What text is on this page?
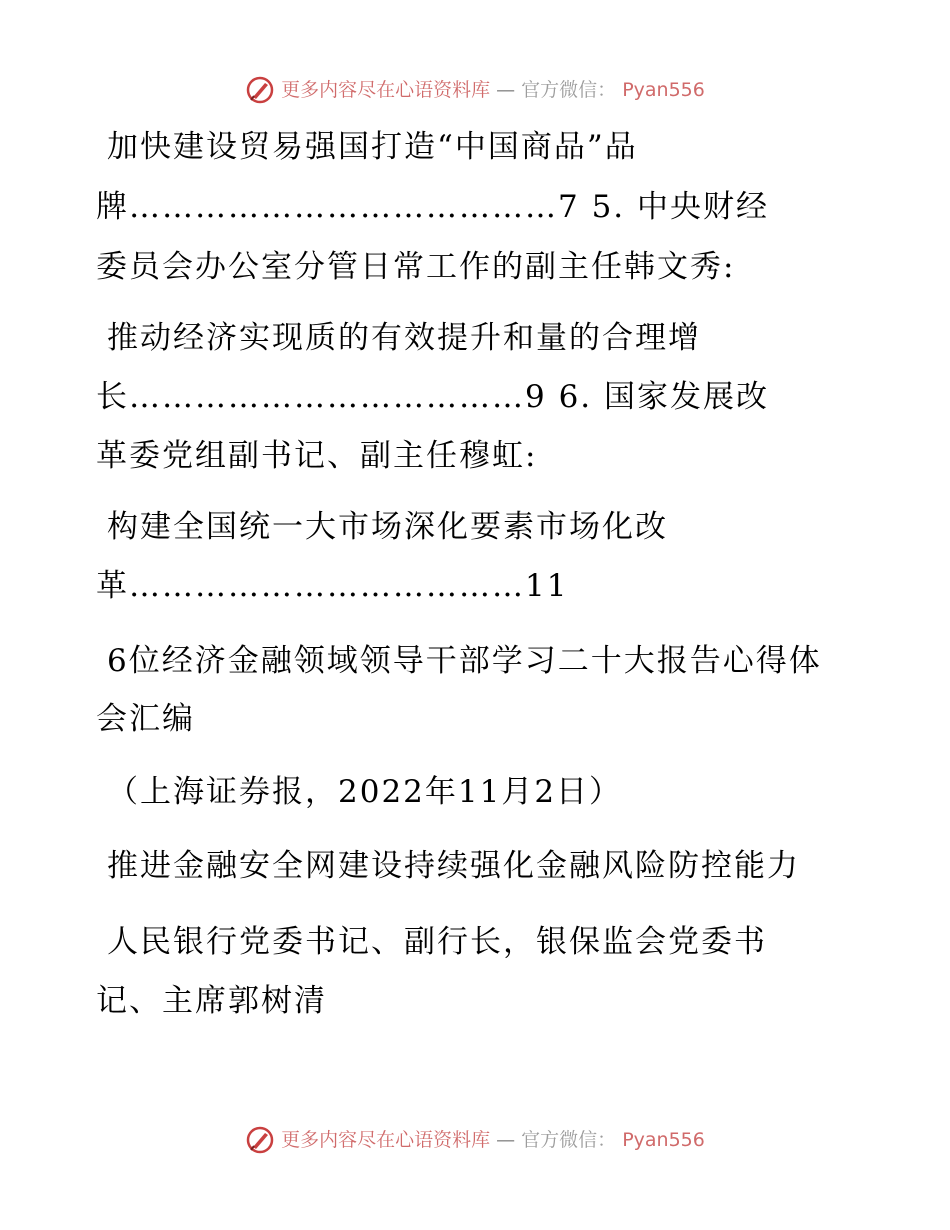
更多内容尽在心语资料库 — 官方微信： Pyan556
加快建设贸易强国打造“中国商品”品
牌…………………………………7 5. 中央财经
委员会办公室分管日常工作的副主任韩文秀:
推动经济实现质的有效提升和量的合理增
长………………………………9 6. 国家发展改
革委党组副书记、副主任穆虹:
构建全国统一大市场深化要素市场化改
革………………………………11
6位经济金融领域领导干部学习二十大报告心得体
会汇编
（上海证券报，2022年11月2日）
推进金融安全网建设持续强化金融风险防控能力
人民银行党委书记、副行长，银保监会党委书
记、主席郭树清
更多内容尽在心语资料库 — 官方微信： Pyan556
